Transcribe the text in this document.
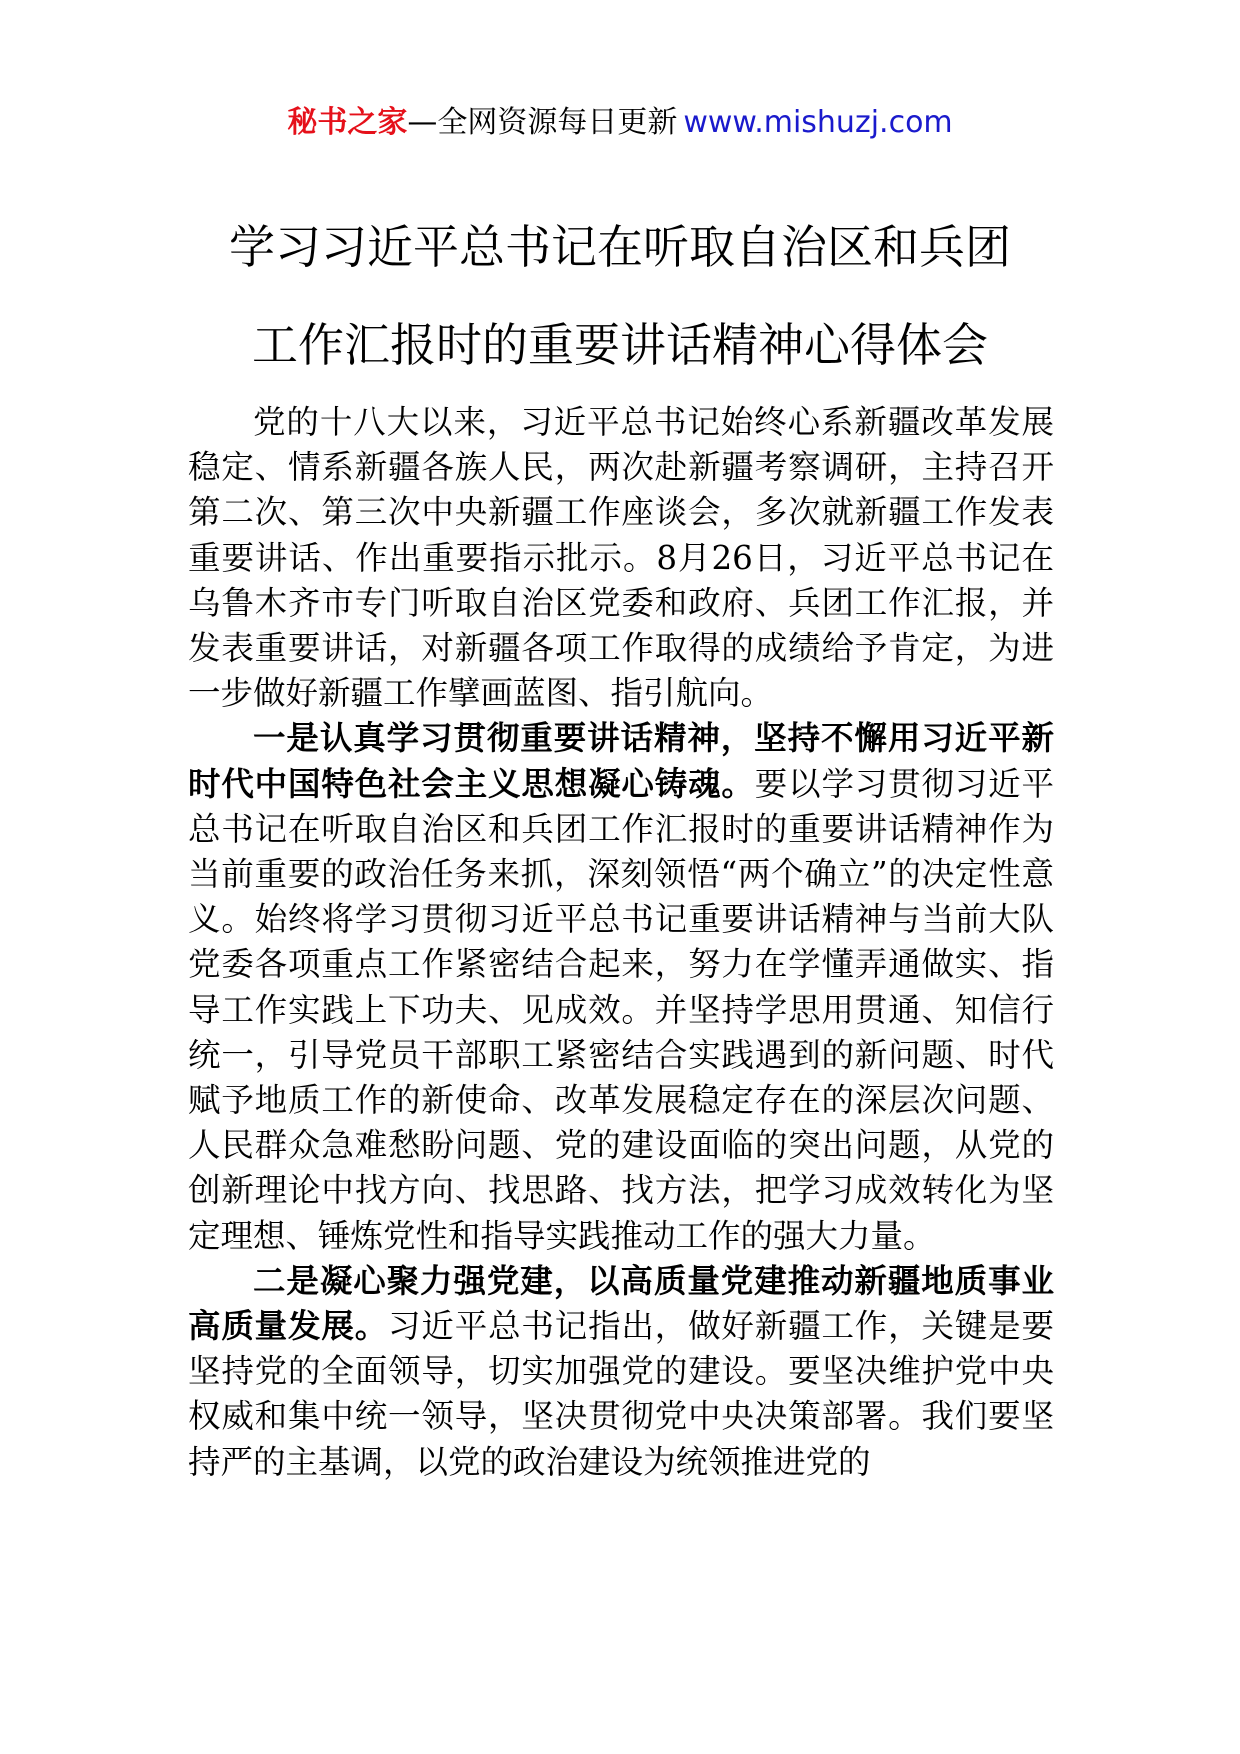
秘书之家—全网资源每日更新 www.mishuzj.com
学习习近平总书记在听取自治区和兵团
工作汇报时的重要讲话精神心得体会

党的十八大以来，习近平总书记始终心系新疆改革发展稳定、情系新疆各族人民，两次赴新疆考察调研，主持召开第二次、第三次中央新疆工作座谈会，多次就新疆工作发表重要讲话、作出重要指示批示。8月26日，习近平总书记在乌鲁木齐市专门听取自治区党委和政府、兵团工作汇报，并发表重要讲话，对新疆各项工作取得的成绩给予肯定，为进一步做好新疆工作擘画蓝图、指引航向。

一是认真学习贯彻重要讲话精神，坚持不懈用习近平新时代中国特色社会主义思想凝心铸魂。要以学习贯彻习近平总书记在听取自治区和兵团工作汇报时的重要讲话精神作为当前重要的政治任务来抓，深刻领悟“两个确立”的决定性意义。始终将学习贯彻习近平总书记重要讲话精神与当前大队党委各项重点工作紧密结合起来，努力在学懂弄通做实、指导工作实践上下功夫、见成效。并坚持学思用贯通、知信行统一，引导党员干部职工紧密结合实践遇到的新问题、时代赋予地质工作的新使命、改革发展稳定存在的深层次问题、人民群众急难愁盼问题、党的建设面临的突出问题，从党的创新理论中找方向、找思路、找方法，把学习成效转化为坚定理想、锤炼党性和指导实践推动工作的强大力量。

二是凝心聚力强党建，以高质量党建推动新疆地质事业高质量发展。习近平总书记指出，做好新疆工作，关键是要坚持党的全面领导，切实加强党的建设。要坚决维护党中央权威和集中统一领导，坚决贯彻党中央决策部署。我们要坚持严的主基调，以党的政治建设为统领推进党的
